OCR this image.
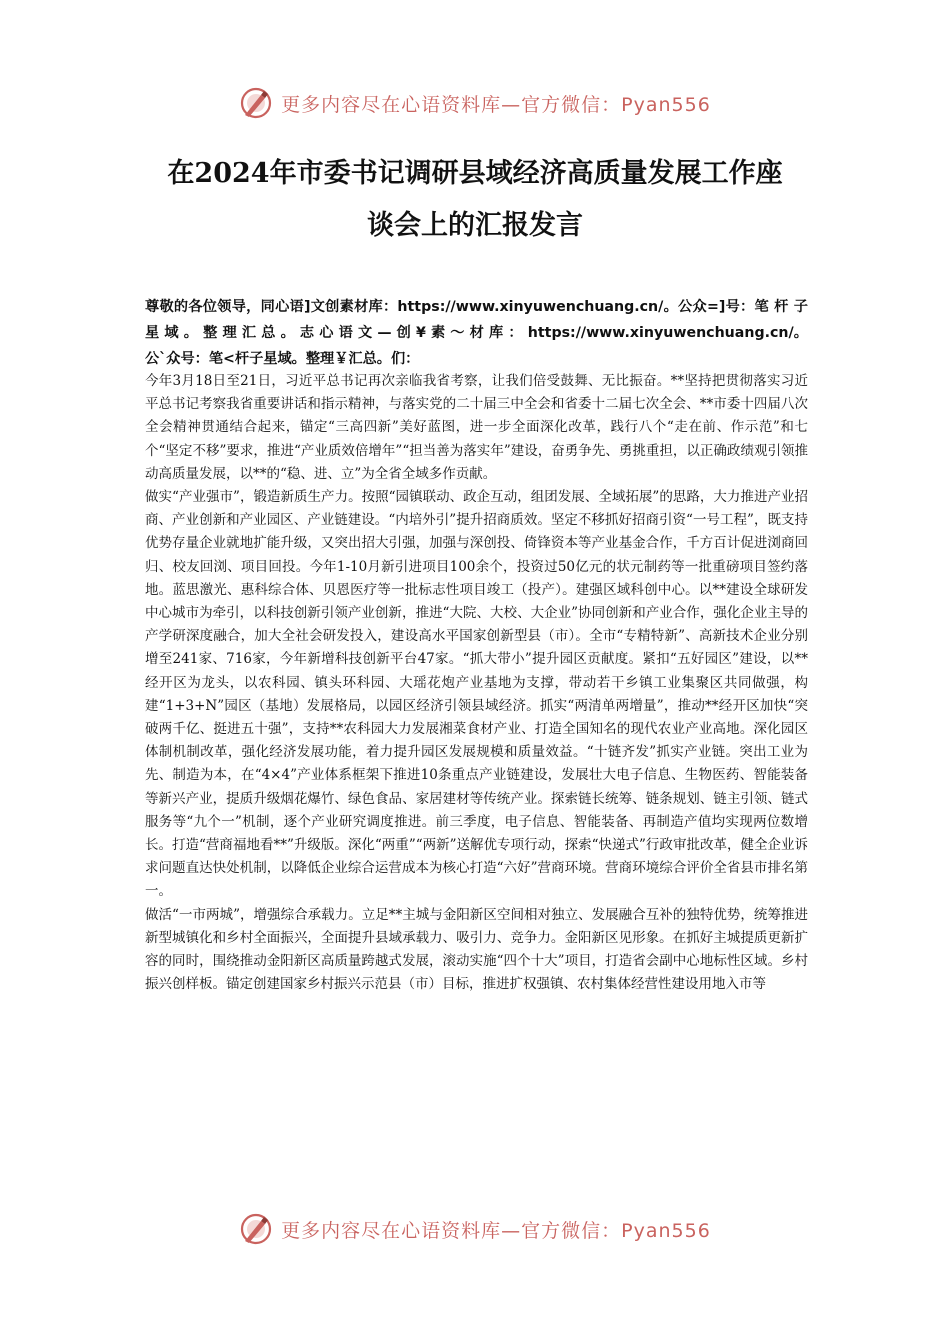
更多内容尽在心语资料库—官方微信：Pyan556
在2024年市委书记调研县域经济高质量发展工作座
谈会上的汇报发言

尊敬的各位领导，同心语]文创素材库：https://www.xinyuwenchuang.cn/。公众=]号：笔 杆 子 星 域 。 整 理 汇 总 。 志 心 语 文 — 创 ¥ 素 ～ 材 库 ： https://www.xinyuwenchuang.cn/。公`众号：笔<杆子星域。整理￥汇总。们：

今年3月18日至21日，习近平总书记再次亲临我省考察，让我们倍受鼓舞、无比振奋。**坚持把贯彻落实习近平总书记考察我省重要讲话和指示精神，与落实党的二十届三中全会和省委十二届七次全会、**市委十四届八次全会精神贯通结合起来，锚定“三高四新”美好蓝图，进一步全面深化改革，践行八个“走在前、作示范”和七个“坚定不移”要求，推进“产业质效倍增年”“担当善为落实年”建设，奋勇争先、勇挑重担，以正确政绩观引领推动高质量发展，以**的“稳、进、立”为全省全域多作贡献。

做实“产业强市”，锻造新质生产力。按照“园镇联动、政企互动，组团发展、全域拓展”的思路，大力推进产业招商、产业创新和产业园区、产业链建设。“内培外引”提升招商质效。坚定不移抓好招商引资“一号工程”，既支持优势存量企业就地扩能升级，又突出招大引强，加强与深创投、倚锋资本等产业基金合作，千方百计促进浏商回归、校友回浏、项目回投。今年1-10月新引进项目100余个，投资过50亿元的状元制药等一批重磅项目签约落地。蓝思激光、惠科综合体、贝恩医疗等一批标志性项目竣工（投产）。建强区域科创中心。以**建设全球研发中心城市为牵引，以科技创新引领产业创新，推进“大院、大校、大企业”协同创新和产业合作，强化企业主导的产学研深度融合，加大全社会研发投入，建设高水平国家创新型县（市）。全市“专精特新”、高新技术企业分别增至241家、716家，今年新增科技创新平台47家。“抓大带小”提升园区贡献度。紧扣“五好园区”建设，以**经开区为龙头，以农科园、镇头环科园、大瑶花炮产业基地为支撑，带动若干乡镇工业集聚区共同做强，构建“1+3+N”园区（基地）发展格局，以园区经济引领县域经济。抓实“两清单两增量”，推动**经开区加快“突破两千亿、挺进五十强”，支持**农科园大力发展湘菜食材产业、打造全国知名的现代农业产业高地。深化园区体制机制改革，强化经济发展功能，着力提升园区发展规模和质量效益。“十链齐发”抓实产业链。突出工业为先、制造为本，在“4×4”产业体系框架下推进10条重点产业链建设，发展壮大电子信息、生物医药、智能装备等新兴产业，提质升级烟花爆竹、绿色食品、家居建材等传统产业。探索链长统筹、链条规划、链主引领、链式服务等“九个一”机制，逐个产业研究调度推进。前三季度，电子信息、智能装备、再制造产值均实现两位数增长。打造“营商福地看**”升级版。深化“两重”“两新”送解优专项行动，探索“快递式”行政审批改革，健全企业诉求问题直达快处机制，以降低企业综合运营成本为核心打造“六好”营商环境。营商环境综合评价全省县市排名第一。

做活“一市两城”，增强综合承载力。立足**主城与金阳新区空间相对独立、发展融合互补的独特优势，统筹推进新型城镇化和乡村全面振兴，全面提升县域承载力、吸引力、竞争力。金阳新区见形象。在抓好主城提质更新扩容的同时，围绕推动金阳新区高质量跨越式发展，滚动实施“四个十大”项目，打造省会副中心地标性区域。乡村振兴创样板。锚定创建国家乡村振兴示范县（市）目标，推进扩权强镇、农村集体经营性建设用地入市等

更多内容尽在心语资料库—官方微信：Pyan556
